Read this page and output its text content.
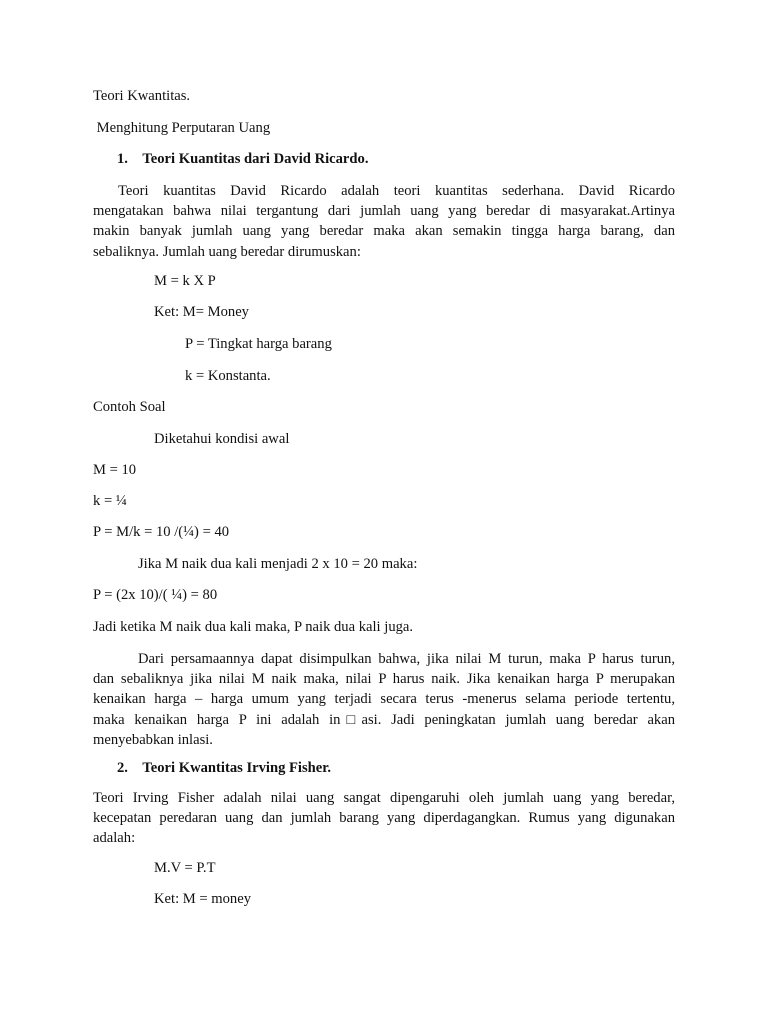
Teori Kwantitas.
Menghitung Perputaran Uang
1. Teori Kuantitas dari David Ricardo.

Teori kuantitas David Ricardo adalah teori kuantitas sederhana. David Ricardo

mengatakan bahwa nilai tergantung dari jumlah uang yang beredar di masyarakat.Artinya

makin banyak jumlah uang yang beredar maka akan semakin tingga harga barang, dan

sebaliknya. Jumlah uang beredar dirumuskan:

M = k X P
Ket: M= Money
P = Tingkat harga barang
k = Konstanta.
Contoh Soal
Diketahui kondisi awal
M = 10
k = ¼
P = M/k = 10 /(¼) = 40
Jika M naik dua kali menjadi 2 x 10 = 20 maka:
P = (2x 10)/( ¼) = 80
Jadi ketika M naik dua kali maka, P naik dua kali juga.

Dari persamaannya dapat disimpulkan bahwa, jika nilai M turun, maka P harus turun,

dan sebaliknya jika nilai M naik maka, nilai P harus naik. Jika kenaikan harga P merupakan

kenaikan harga – harga umum yang terjadi secara terus -menerus selama periode tertentu,

maka kenaikan harga P ini adalah in□asi. Jadi peningkatan jumlah uang beredar akan

menyebabkan inlasi.

2. Teori Kwantitas Irving Fisher.

Teori Irving Fisher adalah nilai uang sangat dipengaruhi oleh jumlah uang yang beredar,

kecepatan peredaran uang dan jumlah barang yang diperdagangkan. Rumus yang digunakan

adalah:

M.V = P.T
Ket: M = money
